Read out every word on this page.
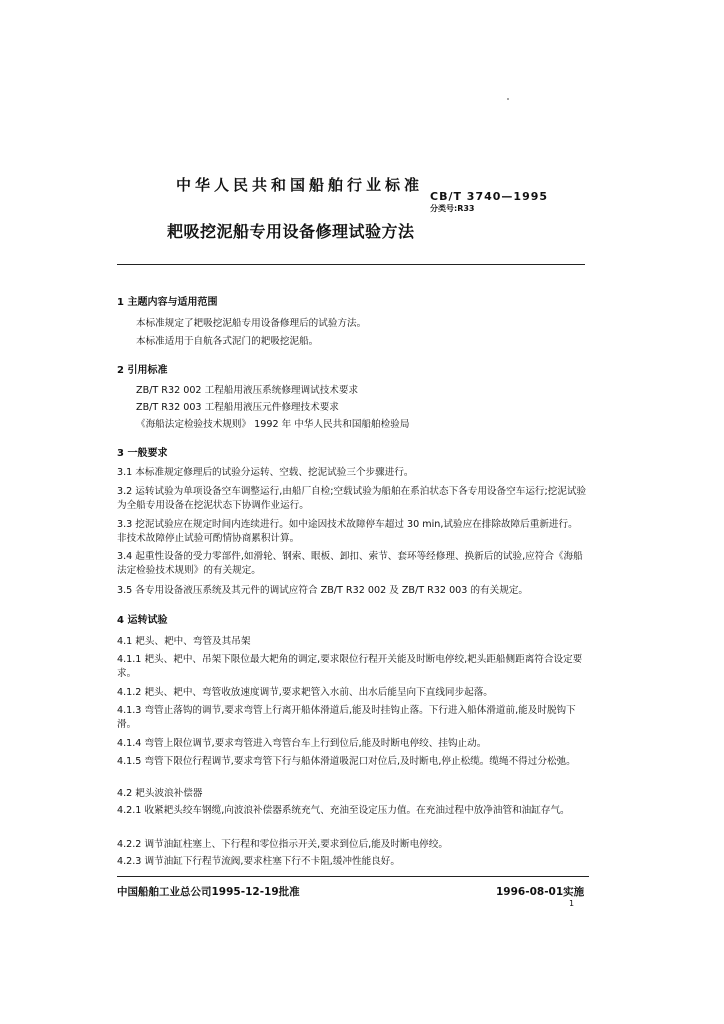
中华人民共和国船舶行业标准
CB/T 3740—1995
分类号:R33
耙吸挖泥船专用设备修理试验方法
1 主题内容与适用范围
本标准规定了耙吸挖泥船专用设备修理后的试验方法。
本标准适用于自航各式泥门的耙吸挖泥船。
2 引用标准
ZB/T R32 002 工程船用液压系统修理调试技术要求
ZB/T R32 003 工程船用液压元件修理技术要求
《海船法定检验技术规则》 1992 年 中华人民共和国船舶检验局
3 一般要求
3.1 本标准规定修理后的试验分运转、空载、挖泥试验三个步骤进行。
3.2 运转试验为单项设备空车调整运行,由船厂自检;空载试验为船舶在系泊状态下各专用设备空车运行;挖泥试验为全船专用设备在挖泥状态下协调作业运行。
3.3 挖泥试验应在规定时间内连续进行。如中途因技术故障停车超过 30 min,试验应在排除故障后重新进行。非技术故障停止试验可酌情协商累积计算。
3.4 起重性设备的受力零部件,如滑轮、钢索、眼板、卸扣、索节、套环等经修理、换新后的试验,应符合《海船法定检验技术规则》的有关规定。
3.5 各专用设备液压系统及其元件的调试应符合 ZB/T R32 002 及 ZB/T R32 003 的有关规定。
4 运转试验
4.1 耙头、耙中、弯管及其吊架
4.1.1 耙头、耙中、吊架下限位最大耙角的调定,要求限位行程开关能及时断电停绞,耙头距船侧距离符合设定要求。
4.1.2 耙头、耙中、弯管收放速度调节,要求耙管入水前、出水后能呈向下直线同步起落。
4.1.3 弯管止落钩的调节,要求弯管上行离开船体滑道后,能及时挂钩止落。下行进入船体滑道前,能及时脱钩下滑。
4.1.4 弯管上限位调节,要求弯管进入弯管台车上行到位后,能及时断电停绞、挂钩止动。
4.1.5 弯管下限位行程调节,要求弯管下行与船体滑道吸泥口对位后,及时断电,停止松缆。缆绳不得过分松弛。
4.2 耙头波浪补偿器
4.2.1 收紧耙头绞车钢缆,向波浪补偿器系统充气、充油至设定压力值。在充油过程中放净油管和油缸存气。
4.2.2 调节油缸柱塞上、下行程和零位指示开关,要求到位后,能及时断电停绞。
4.2.3 调节油缸下行程节流阀,要求柱塞下行不卡阻,缓冲性能良好。
中国船舶工业总公司1995-12-19批准	1996-08-01实施
1
